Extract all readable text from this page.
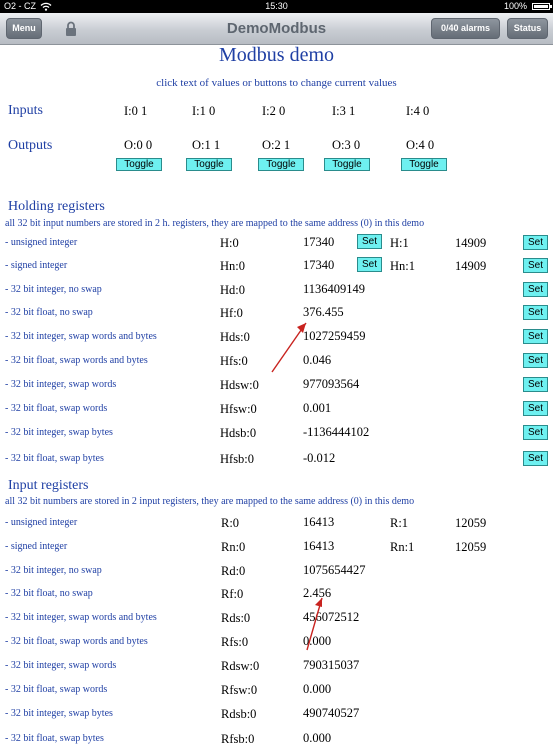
O2 - CZ	15:30	100%
Menu	DemoModbus	0/40 alarms	Status
Modbus demo
click text of values or buttons to change current values
Inputs	I:0 1	I:1 0	I:2 0	I:3 1	I:4 0
Outputs	O:0 0	O:1 1	O:2 1	O:3 0	O:4 0
Toggle	Toggle	Toggle	Toggle	Toggle
Holding registers
all 32 bit input numbers are stored in 2 h. registers, they are mapped to the same address (0) in this demo
- unsigned integer	H:0	17340	Set	H:1	14909	Set
- signed integer	Hn:0	17340	Set	Hn:1	14909	Set
- 32 bit integer, no swap	Hd:0	1136409149	Set
- 32 bit float, no swap	Hf:0	376.455	Set
- 32 bit integer, swap words and bytes	Hds:0	1027259459	Set
- 32 bit float, swap words and bytes	Hfs:0	0.046	Set
- 32 bit integer, swap words	Hdsw:0	977093564	Set
- 32 bit float, swap words	Hfsw:0	0.001	Set
- 32 bit integer, swap bytes	Hdsb:0	-1136444102	Set
- 32 bit float, swap bytes	Hfsb:0	-0.012	Set
Input registers
all 32 bit numbers are stored in 2 input registers, they are mapped to the same address (0) in this demo
- unsigned integer	R:0	16413	R:1	12059
- signed integer	Rn:0	16413	Rn:1	12059
- 32 bit integer, no swap	Rd:0	1075654427
- 32 bit float, no swap	Rf:0	2.456
- 32 bit integer, swap words and bytes	Rds:0	456072512
- 32 bit float, swap words and bytes	Rfs:0	0.000
- 32 bit integer, swap words	Rdsw:0	790315037
- 32 bit float, swap words	Rfsw:0	0.000
- 32 bit integer, swap bytes	Rdsb:0	490740527
- 32 bit float, swap bytes	Rfsb:0	0.000
